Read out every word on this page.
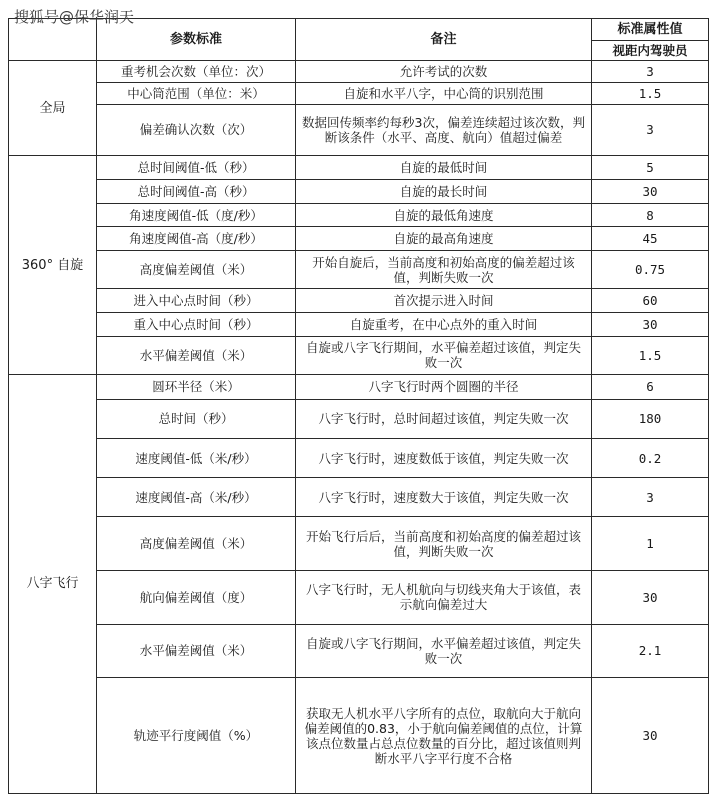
搜狐号@保华润天
	参数标准	备注	标准属性值
			视距内驾驶员
全局	重考机会次数（单位：次）	允许考试的次数	3
	中心筒范围（单位：米）	自旋和水平八字，中心筒的识别范围	1.5
	偏差确认次数（次）	数据回传频率约每秒3次，偏差连续超过该次数，判断该条件（水平、高度、航向）值超过偏差	3
360° 自旋	总时间阈值-低（秒）	自旋的最低时间	5
	总时间阈值-高（秒）	自旋的最长时间	30
	角速度阈值-低（度/秒）	自旋的最低角速度	8
	角速度阈值-高（度/秒）	自旋的最高角速度	45
	高度偏差阈值（米）	开始自旋后，当前高度和初始高度的偏差超过该值，判断失败一次	0.75
	进入中心点时间（秒）	首次提示进入时间	60
	重入中心点时间（秒）	自旋重考，在中心点外的重入时间	30
	水平偏差阈值（米）	自旋或八字飞行期间，水平偏差超过该值，判定失败一次	1.5
八字飞行	圆环半径（米）	八字飞行时两个圆圈的半径	6
	总时间（秒）	八字飞行时，总时间超过该值，判定失败一次	180
	速度阈值-低（米/秒）	八字飞行时，速度数低于该值，判定失败一次	0.2
	速度阈值-高（米/秒）	八字飞行时，速度数大于该值，判定失败一次	3
	高度偏差阈值（米）	开始飞行后后，当前高度和初始高度的偏差超过该值，判断失败一次	1
	航向偏差阈值（度）	八字飞行时，无人机航向与切线夹角大于该值，表示航向偏差过大	30
	水平偏差阈值（米）	自旋或八字飞行期间，水平偏差超过该值，判定失败一次	2.1
	轨迹平行度阈值（%）	获取无人机水平八字所有的点位，取航向大于航向偏差阈值的0.83，小于航向偏差阈值的点位，计算该点位数量占总点位数量的百分比，超过该值则判断水平八字平行度不合格	30
